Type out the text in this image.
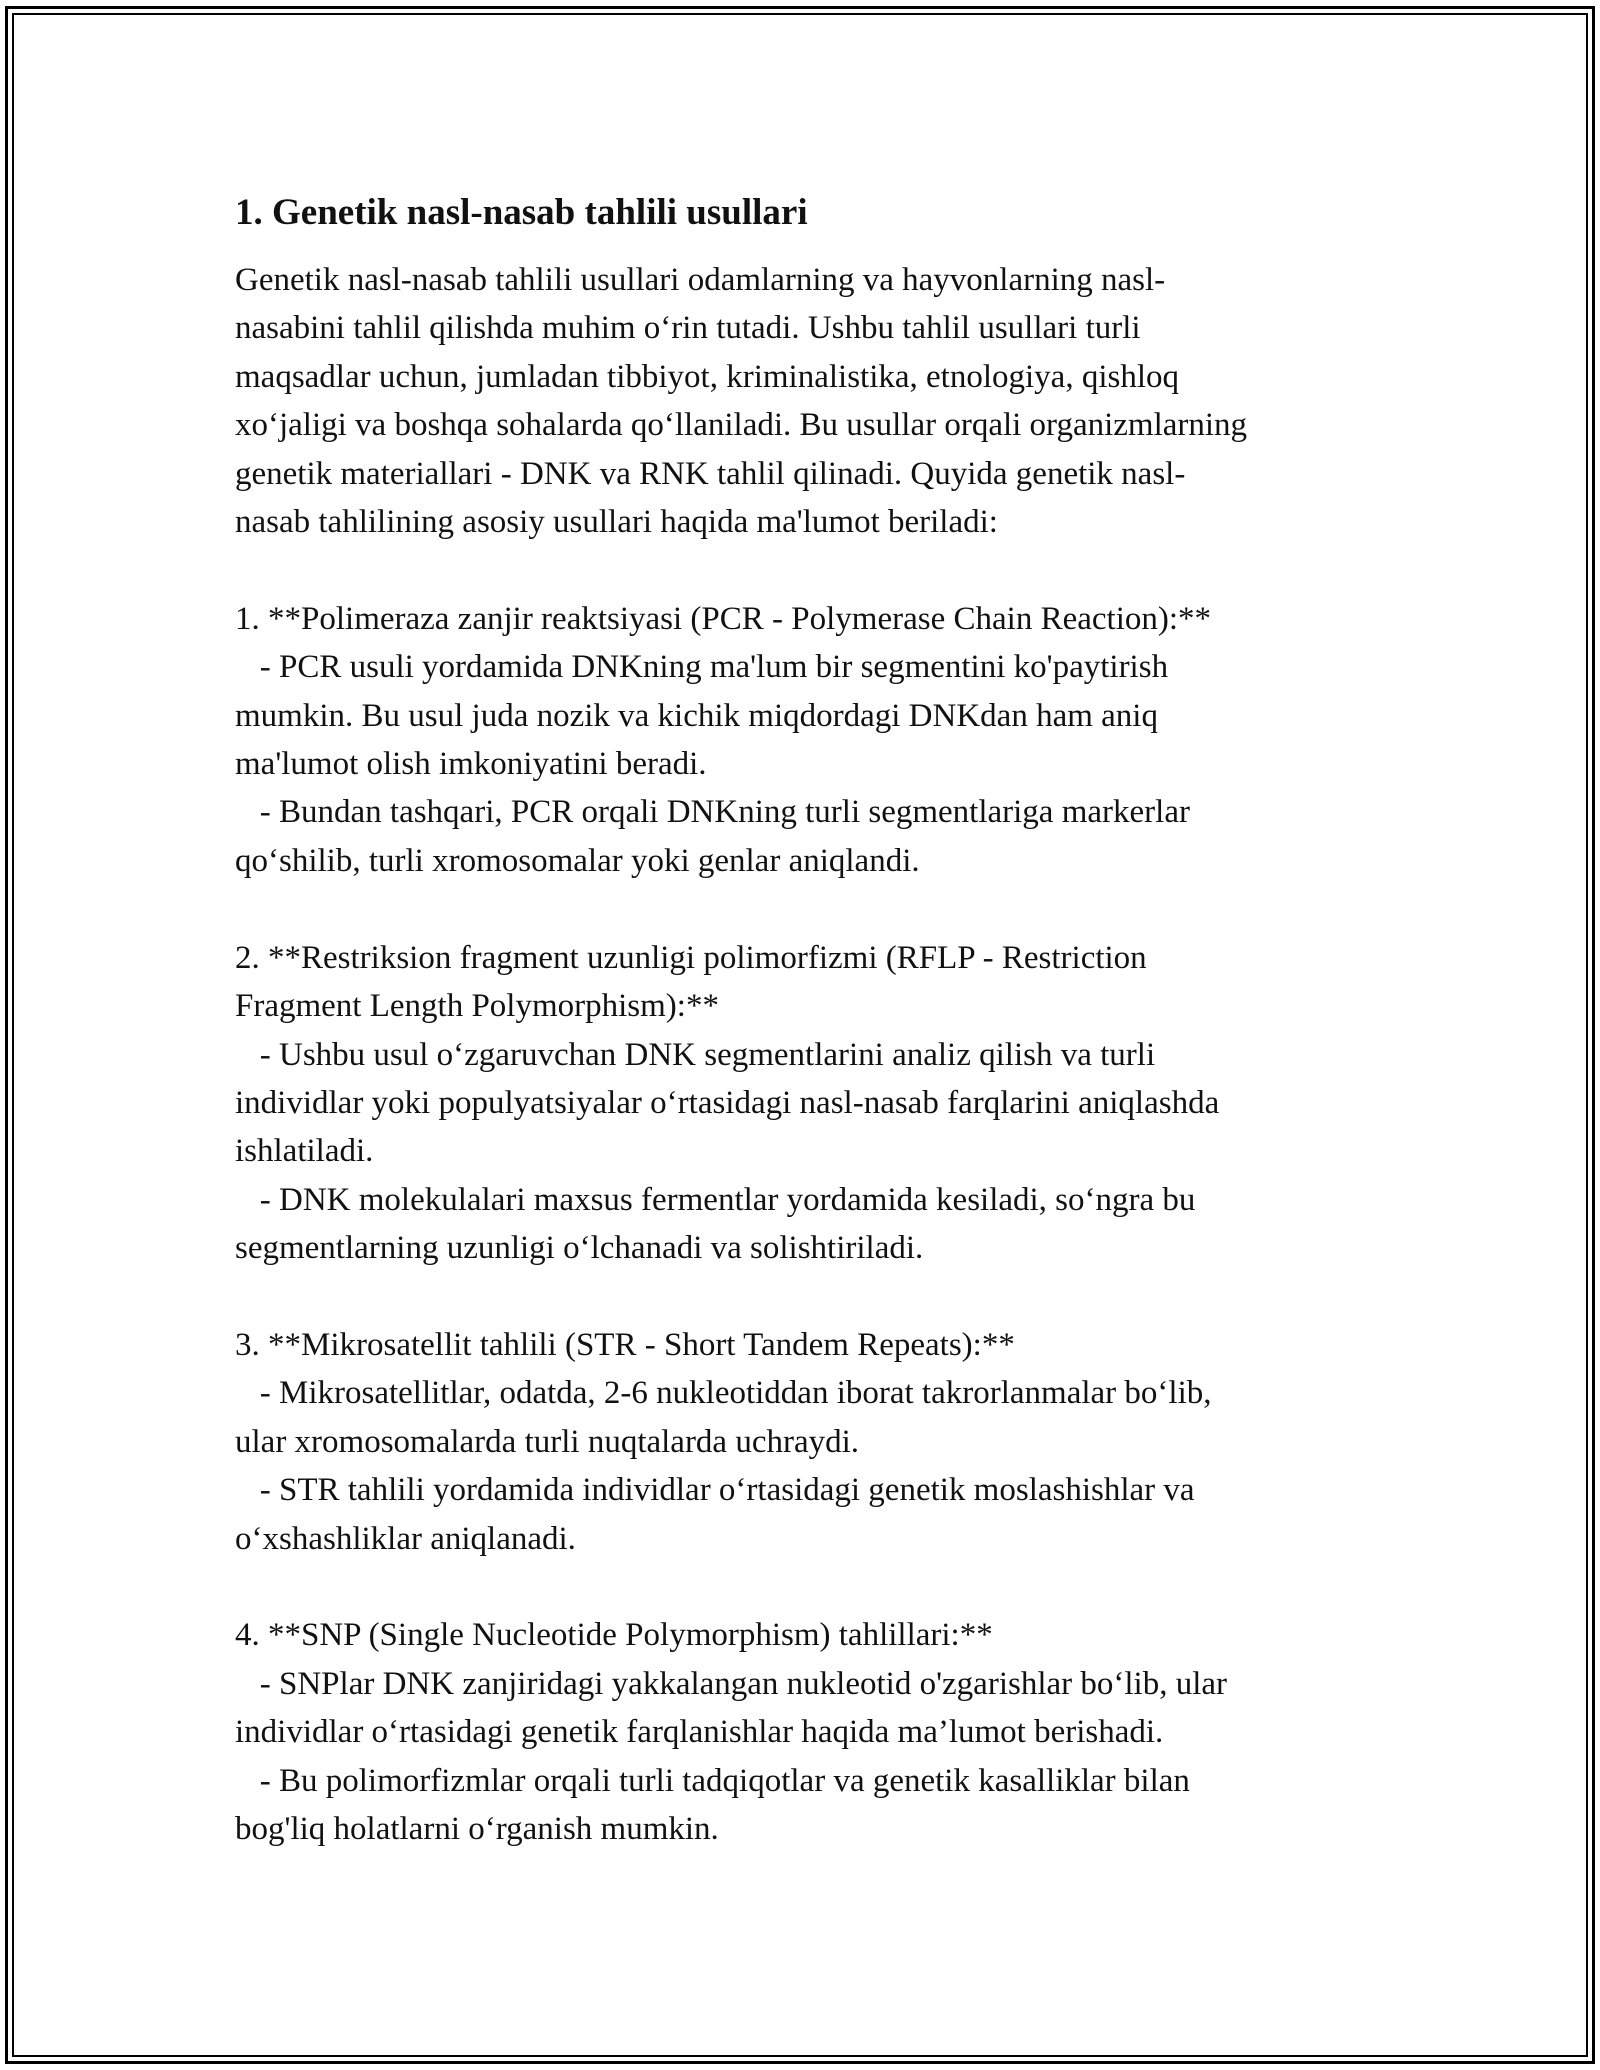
1. Genetik nasl-nasab tahlili usullari

Genetik nasl-nasab tahlili usullari odamlarning va hayvonlarning nasl-
nasabini tahlil qilishda muhim o‘rin tutadi. Ushbu tahlil usullari turli
maqsadlar uchun, jumladan tibbiyot, kriminalistika, etnologiya, qishloq
xo‘jaligi va boshqa sohalarda qo‘llaniladi. Bu usullar orqali organizmlarning
genetik materiallari - DNK va RNK tahlil qilinadi. Quyida genetik nasl-
nasab tahlilining asosiy usullari haqida ma'lumot beriladi:

1. **Polimeraza zanjir reaktsiyasi (PCR - Polymerase Chain Reaction):**
- PCR usuli yordamida DNKning ma'lum bir segmentini ko'paytirish
mumkin. Bu usul juda nozik va kichik miqdordagi DNKdan ham aniq
ma'lumot olish imkoniyatini beradi.
- Bundan tashqari, PCR orqali DNKning turli segmentlariga markerlar
qo‘shilib, turli xromosomalar yoki genlar aniqlandi.

2. **Restriksion fragment uzunligi polimorfizmi (RFLP - Restriction
Fragment Length Polymorphism):**
- Ushbu usul o‘zgaruvchan DNK segmentlarini analiz qilish va turli
individlar yoki populyatsiyalar o‘rtasidagi nasl-nasab farqlarini aniqlashda
ishlatiladi.
- DNK molekulalari maxsus fermentlar yordamida kesiladi, so‘ngra bu
segmentlarning uzunligi o‘lchanadi va solishtiriladi.

3. **Mikrosatellit tahlili (STR - Short Tandem Repeats):**
- Mikrosatellitlar, odatda, 2-6 nukleotiddan iborat takrorlanmalar bo‘lib,
ular xromosomalarda turli nuqtalarda uchraydi.
- STR tahlili yordamida individlar o‘rtasidagi genetik moslashishlar va
o‘xshashliklar aniqlanadi.

4. **SNP (Single Nucleotide Polymorphism) tahlillari:**
- SNPlar DNK zanjiridagi yakkalangan nukleotid o'zgarishlar bo‘lib, ular
individlar o‘rtasidagi genetik farqlanishlar haqida ma’lumot berishadi.
- Bu polimorfizmlar orqali turli tadqiqotlar va genetik kasalliklar bilan
bog'liq holatlarni o‘rganish mumkin.
